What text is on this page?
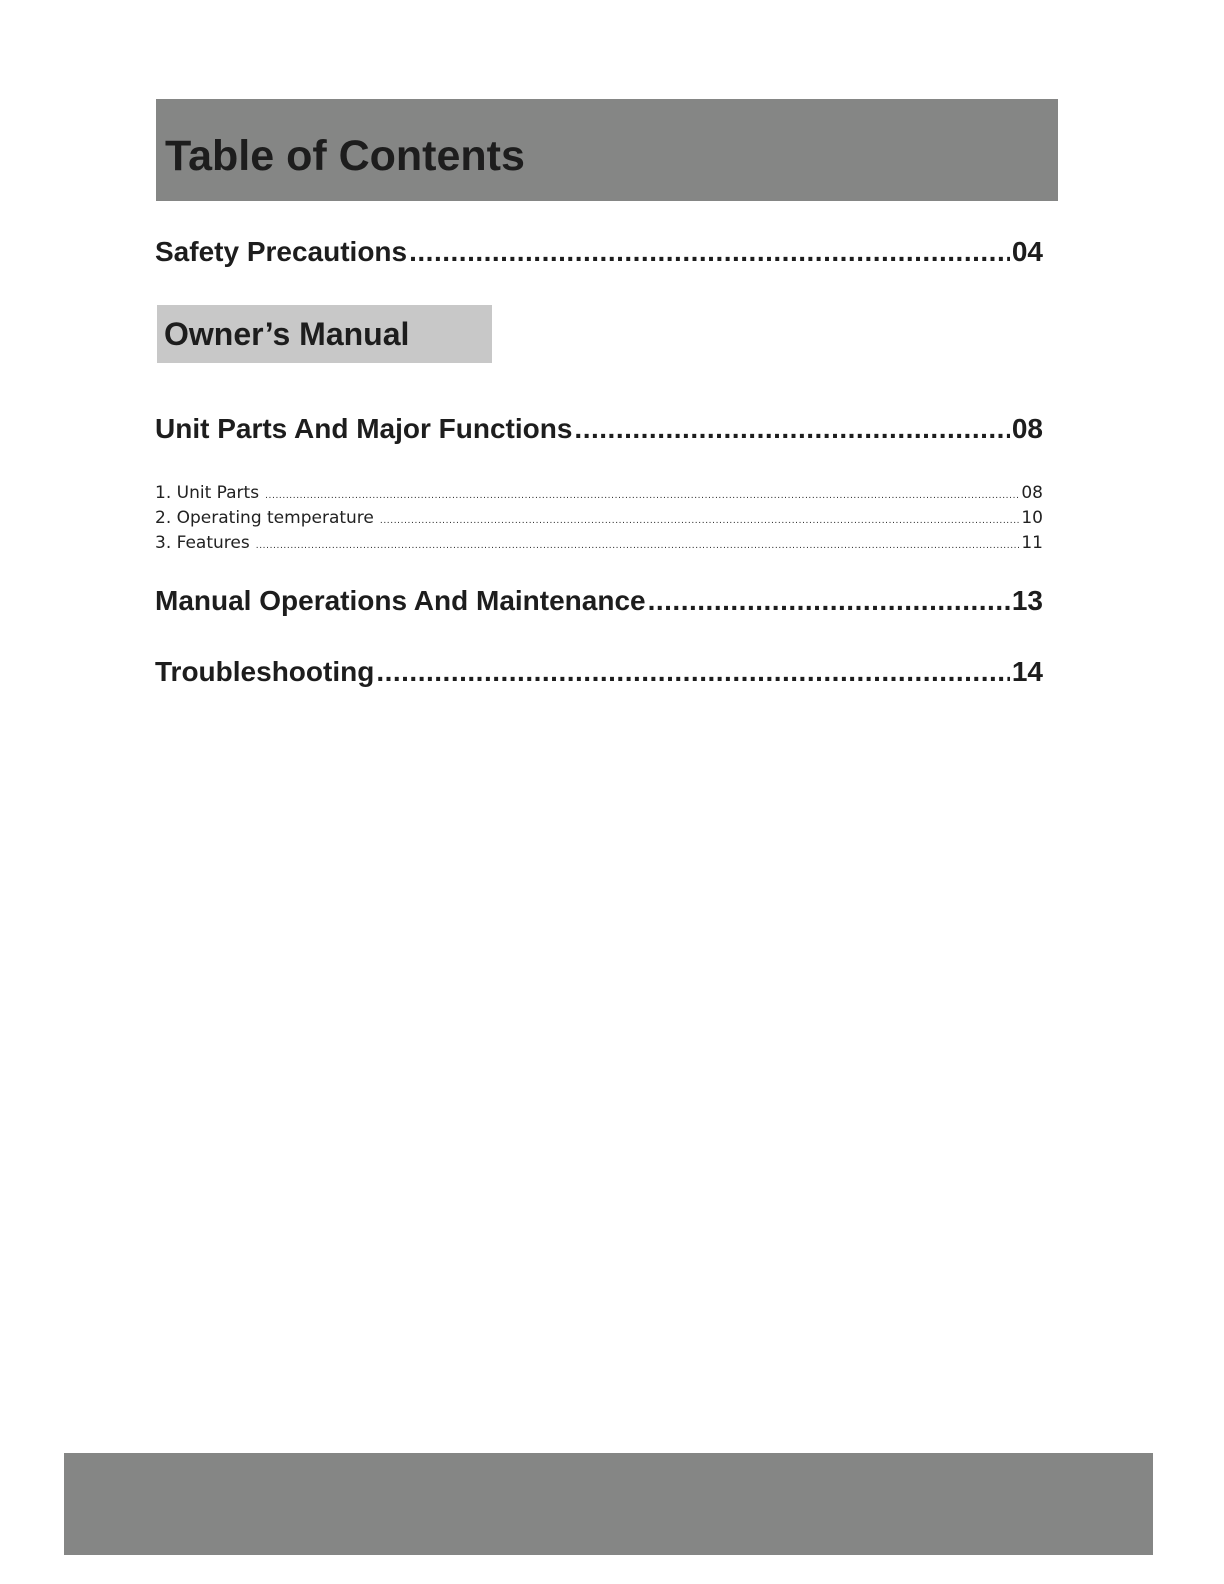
Table of Contents
Safety Precautions .....	04
Owner’s Manual
Unit Parts And Major Functions .....	08
1. Unit Parts .....	08
2. Operating temperature .....	10
3. Features .....	11
Manual Operations And Maintenance .....	13
Troubleshooting .....	14
